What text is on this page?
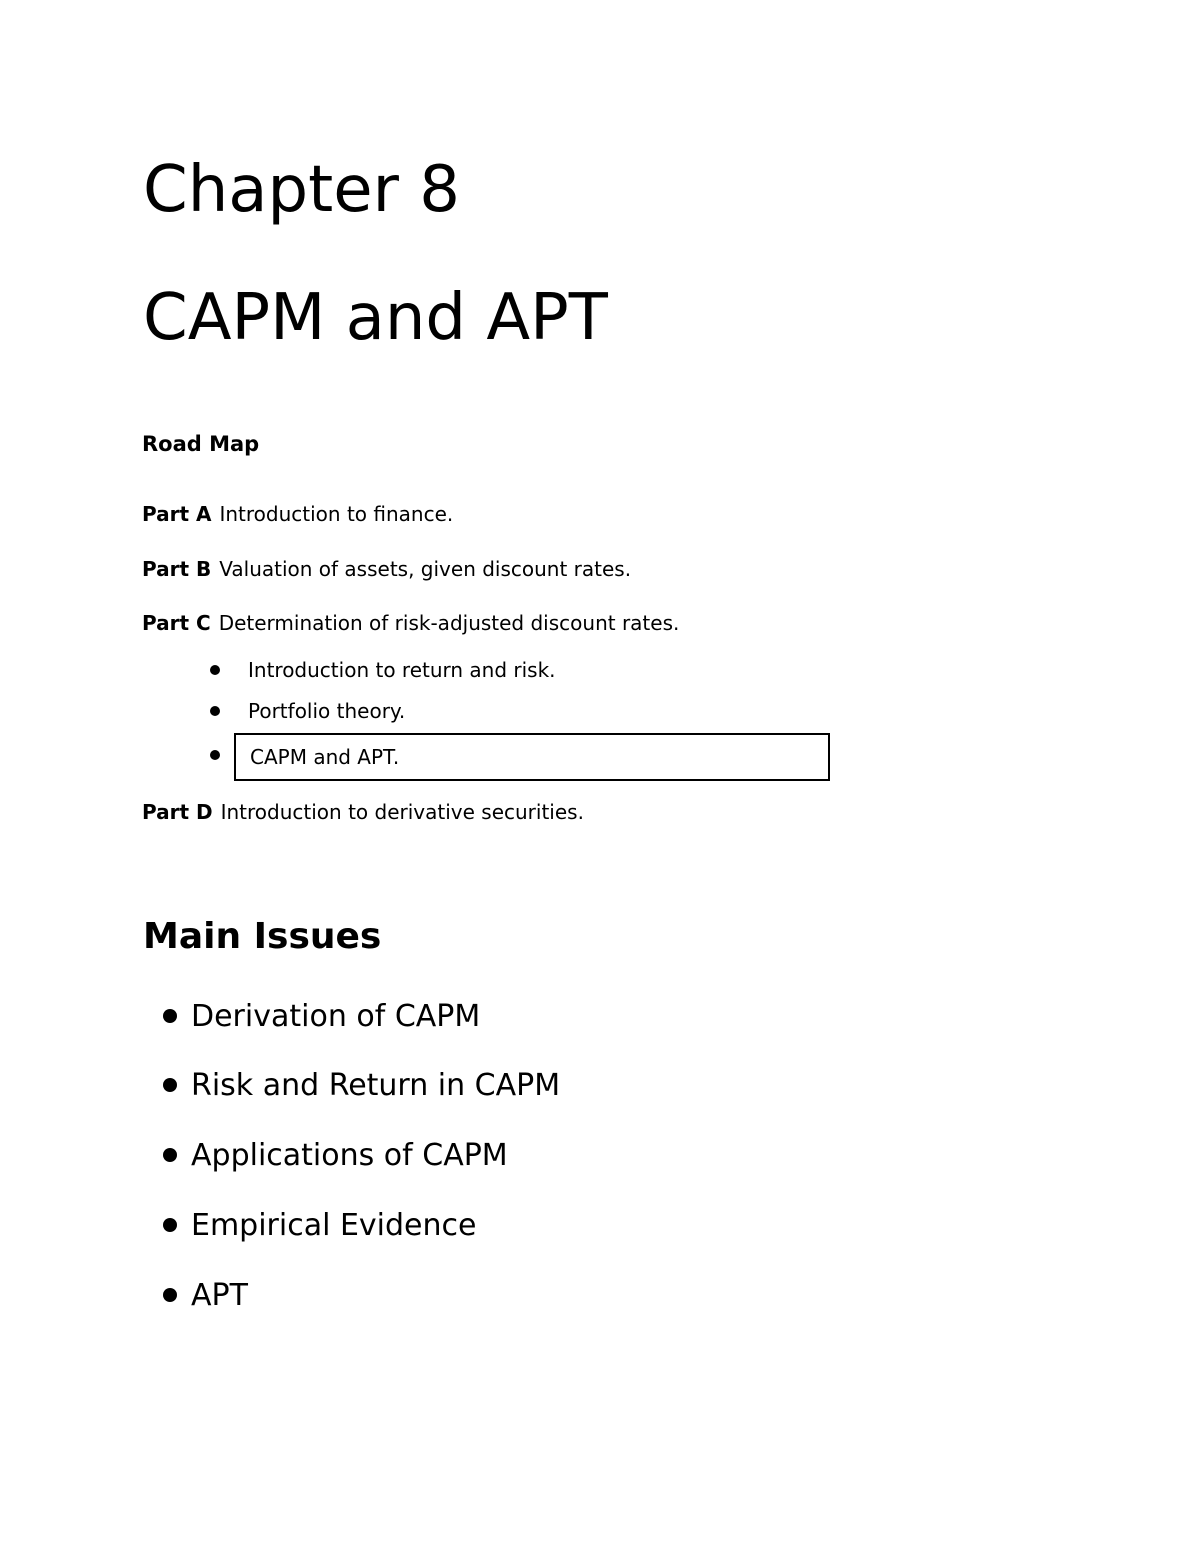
Chapter 8
CAPM and APT
Road Map
Part A Introduction to finance.
Part B Valuation of assets, given discount rates.
Part C Determination of risk-adjusted discount rates.
Introduction to return and risk.
Portfolio theory.
CAPM and APT.
Part D Introduction to derivative securities.
Main Issues
Derivation of CAPM
Risk and Return in CAPM
Applications of CAPM
Empirical Evidence
APT
